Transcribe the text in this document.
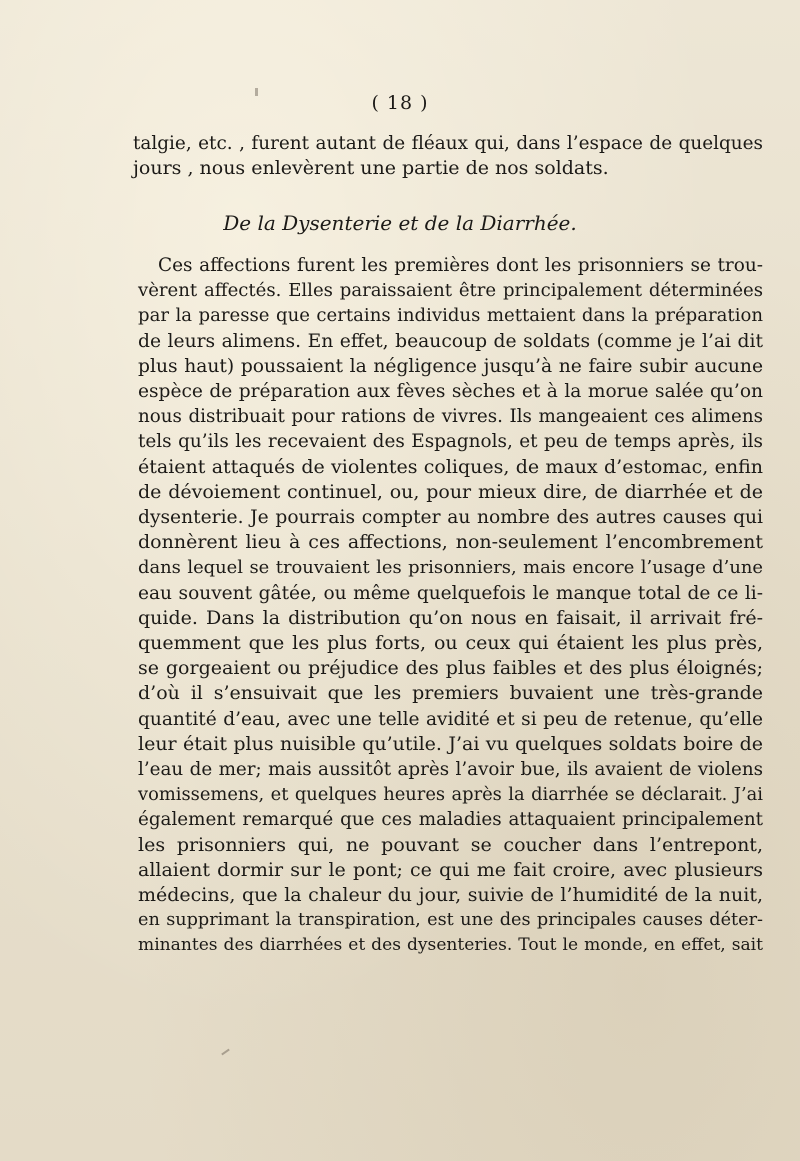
( 18 )
talgie, etc. , furent autant de fléaux qui, dans l’espace de quelques
jours , nous enlevèrent une partie de nos soldats.
De la Dysenterie et de la Diarrhée.
Ces affections furent les premières dont les prisonniers se trou-
vèrent affectés. Elles paraissaient être principalement déterminées
par la paresse que certains individus mettaient dans la préparation
de leurs alimens. En effet, beaucoup de soldats (comme je l’ai dit
plus haut) poussaient la négligence jusqu’à ne faire subir aucune
espèce de préparation aux fèves sèches et à la morue salée qu’on
nous distribuait pour rations de vivres. Ils mangeaient ces alimens
tels qu’ils les recevaient des Espagnols, et peu de temps après, ils
étaient attaqués de violentes coliques, de maux d’estomac, enfin
de dévoiement continuel, ou, pour mieux dire, de diarrhée et de
dysenterie. Je pourrais compter au nombre des autres causes qui
donnèrent lieu à ces affections, non-seulement l’encombrement
dans lequel se trouvaient les prisonniers, mais encore l’usage d’une
eau souvent gâtée, ou même quelquefois le manque total de ce li-
quide. Dans la distribution qu’on nous en faisait, il arrivait fré-
quemment que les plus forts, ou ceux qui étaient les plus près,
se gorgeaient ou préjudice des plus faibles et des plus éloignés;
d’où il s’ensuivait que les premiers buvaient une très-grande
quantité d’eau, avec une telle avidité et si peu de retenue, qu’elle
leur était plus nuisible qu’utile. J’ai vu quelques soldats boire de
l’eau de mer; mais aussitôt après l’avoir bue, ils avaient de violens
vomissemens, et quelques heures après la diarrhée se déclarait. J’ai
également remarqué que ces maladies attaquaient principalement
les prisonniers qui, ne pouvant se coucher dans l’entrepont,
allaient dormir sur le pont; ce qui me fait croire, avec plusieurs
médecins, que la chaleur du jour, suivie de l’humidité de la nuit,
en supprimant la transpiration, est une des principales causes déter-
minantes des diarrhées et des dysenteries. Tout le monde, en effet, sait
